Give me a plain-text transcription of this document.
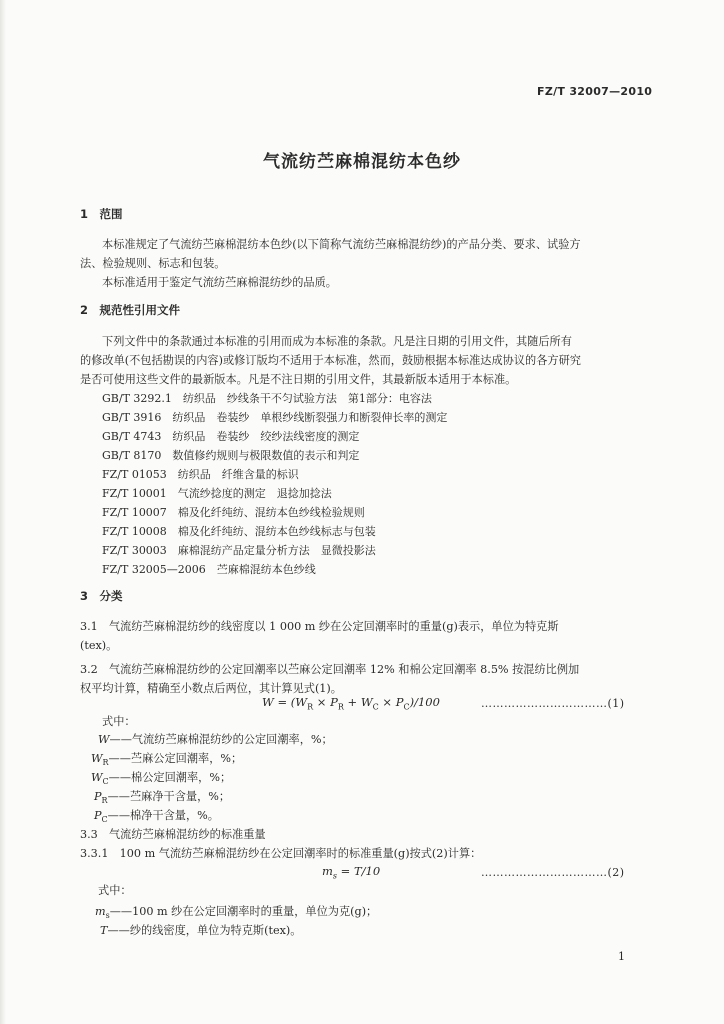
FZ/T 32007—2010
气流纺苎麻棉混纺本色纱
1　范围
本标准规定了气流纺苎麻棉混纺本色纱(以下简称气流纺苎麻棉混纺纱)的产品分类、要求、试验方
法、检验规则、标志和包装。
本标准适用于鉴定气流纺苎麻棉混纺纱的品质。
2　规范性引用文件
下列文件中的条款通过本标准的引用而成为本标准的条款。凡是注日期的引用文件，其随后所有
的修改单(不包括勘误的内容)或修订版均不适用于本标准，然而，鼓励根据本标准达成协议的各方研究
是否可使用这些文件的最新版本。凡是不注日期的引用文件，其最新版本适用于本标准。
GB/T 3292.1　纺织品　纱线条干不匀试验方法　第1部分：电容法
GB/T 3916　纺织品　卷装纱　单根纱线断裂强力和断裂伸长率的测定
GB/T 4743　纺织品　卷装纱　绞纱法线密度的测定
GB/T 8170　数值修约规则与极限数值的表示和判定
FZ/T 01053　纺织品　纤维含量的标识
FZ/T 10001　气流纱捻度的测定　退捻加捻法
FZ/T 10007　棉及化纤纯纺、混纺本色纱线检验规则
FZ/T 10008　棉及化纤纯纺、混纺本色纱线标志与包装
FZ/T 30003　麻棉混纺产品定量分析方法　显微投影法
FZ/T 32005—2006　苎麻棉混纺本色纱线
3　分类
3.1　气流纺苎麻棉混纺纱的线密度以 1 000 m 纱在公定回潮率时的重量(g)表示，单位为特克斯
(tex)。
3.2　气流纺苎麻棉混纺纱的公定回潮率以苎麻公定回潮率 12% 和棉公定回潮率 8.5% 按混纺比例加
权平均计算，精确至小数点后两位，其计算见式(1)。
$W = (W_R \times P_R + W_C \times P_C)/100$	……………………………(1)
式中：
W——气流纺苎麻棉混纺纱的公定回潮率，%；
$W_R——$苎麻公定回潮率，%；
$W_C——$棉公定回潮率，%；
$P_R——$苎麻净干含量，%；
$P_C——$棉净干含量，%。
3.3　气流纺苎麻棉混纺纱的标准重量
3.3.1　100 m 气流纺苎麻棉混纺纱在公定回潮率时的标准重量(g)按式(2)计算：
$m_s = T/10$	……………………………(2)
式中：
$m_s——100$ m 纱在公定回潮率时的重量，单位为克(g)；
T——纱的线密度，单位为特克斯(tex)。
1
